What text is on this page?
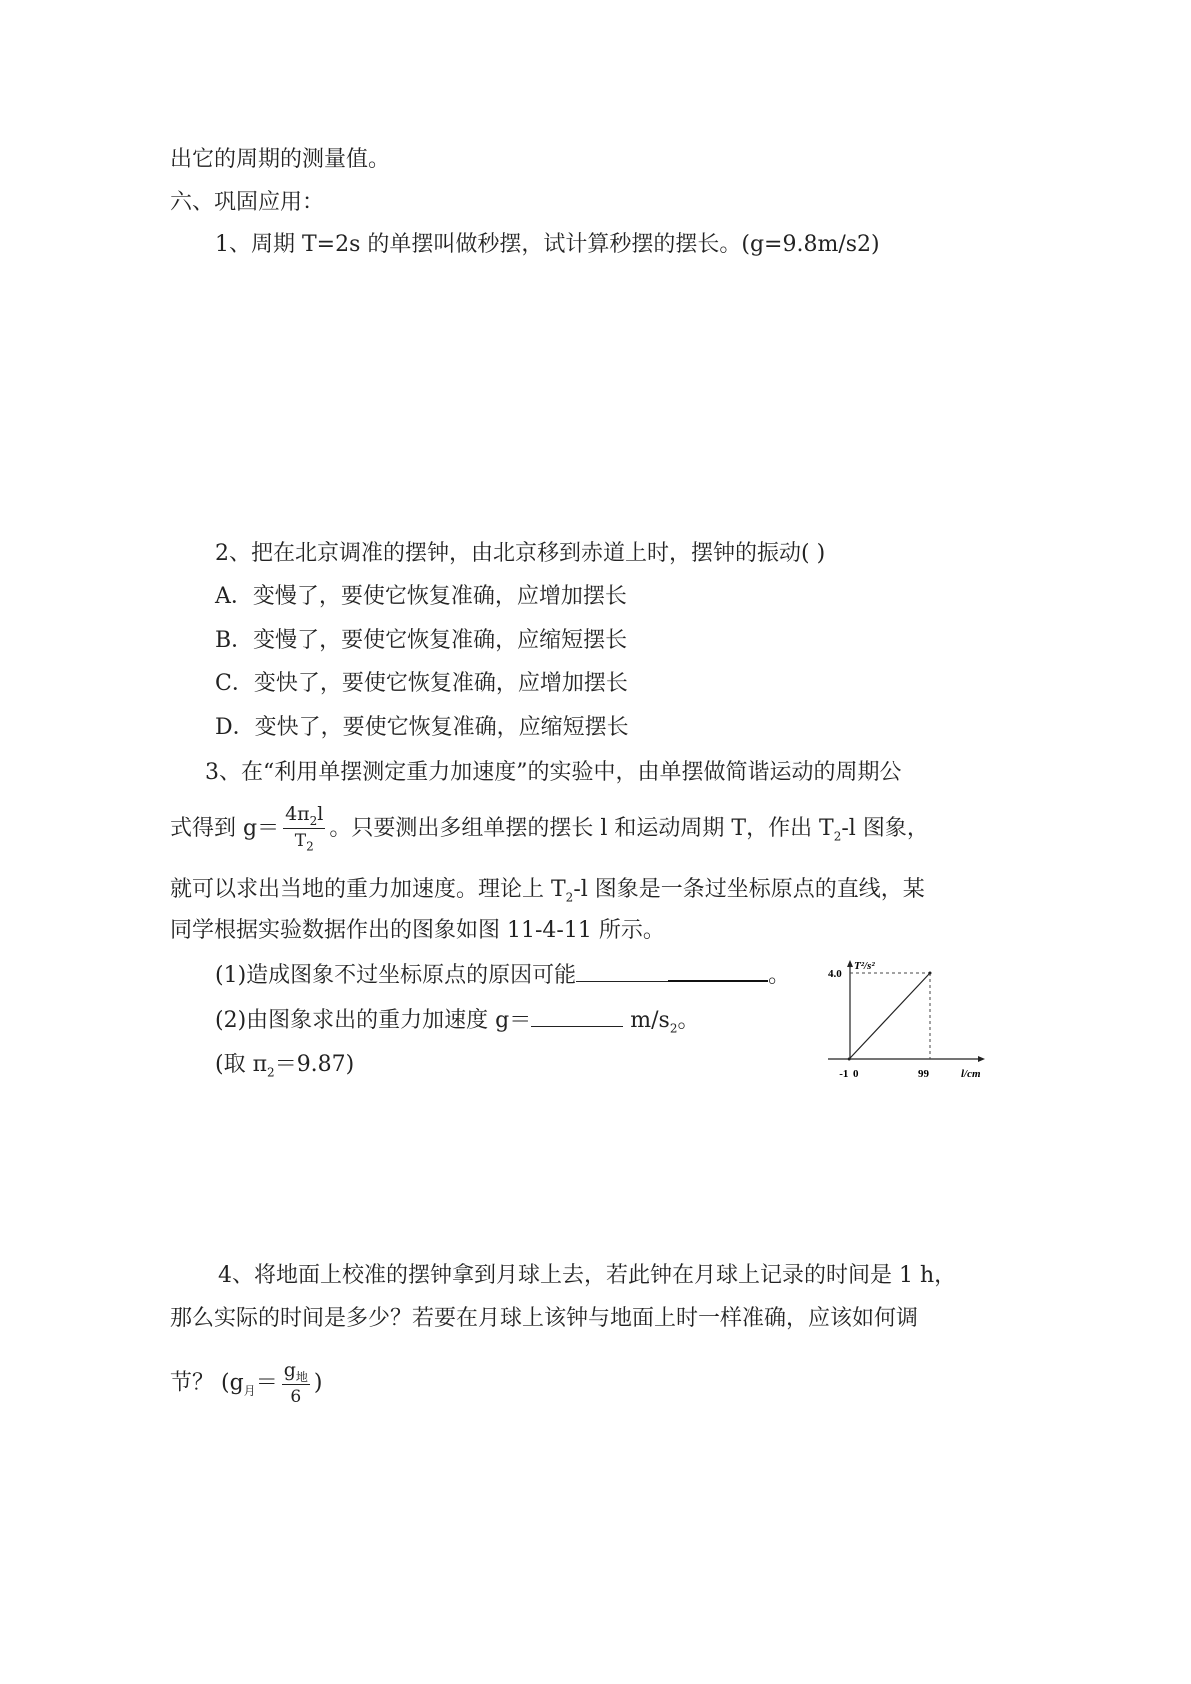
出它的周期的测量值。
六、巩固应用：
1、周期 T=2s 的单摆叫做秒摆，试计算秒摆的摆长。(g=9.8m/s2)
2、把在北京调准的摆钟，由北京移到赤道上时，摆钟的振动( )
A．变慢了，要使它恢复准确，应增加摆长
B．变慢了，要使它恢复准确，应缩短摆长
C．变快了，要使它恢复准确，应增加摆长
D．变快了，要使它恢复准确，应缩短摆长
3、在“利用单摆测定重力加速度”的实验中，由单摆做简谐运动的周期公
式得到 $g= \frac{4\pi_2l}{T_2}$ 。只要测出多组单摆的摆长 l 和运动周期 T，作出 $T_2-l$ 图象，
就可以求出当地的重力加速度。理论上 $T_2-l$ 图象是一条过坐标原点的直线，某
同学根据实验数据作出的图象如图 11-4-11 所示。
(1)造成图象不过坐标原点的原因可能	。
(2)由图象求出的重力加速度 g＝	$m/s_2$。
(取 $\pi_2=9.87$)
T²/s²
l/cm
4.0
-1 0	99
4、将地面上校准的摆钟拿到月球上去，若此钟在月球上记录的时间是 1 h，
那么实际的时间是多少？若要在月球上该钟与地面上时一样准确，应该如何调
节？ ($g_月= \frac{g_地}{6}$ )
